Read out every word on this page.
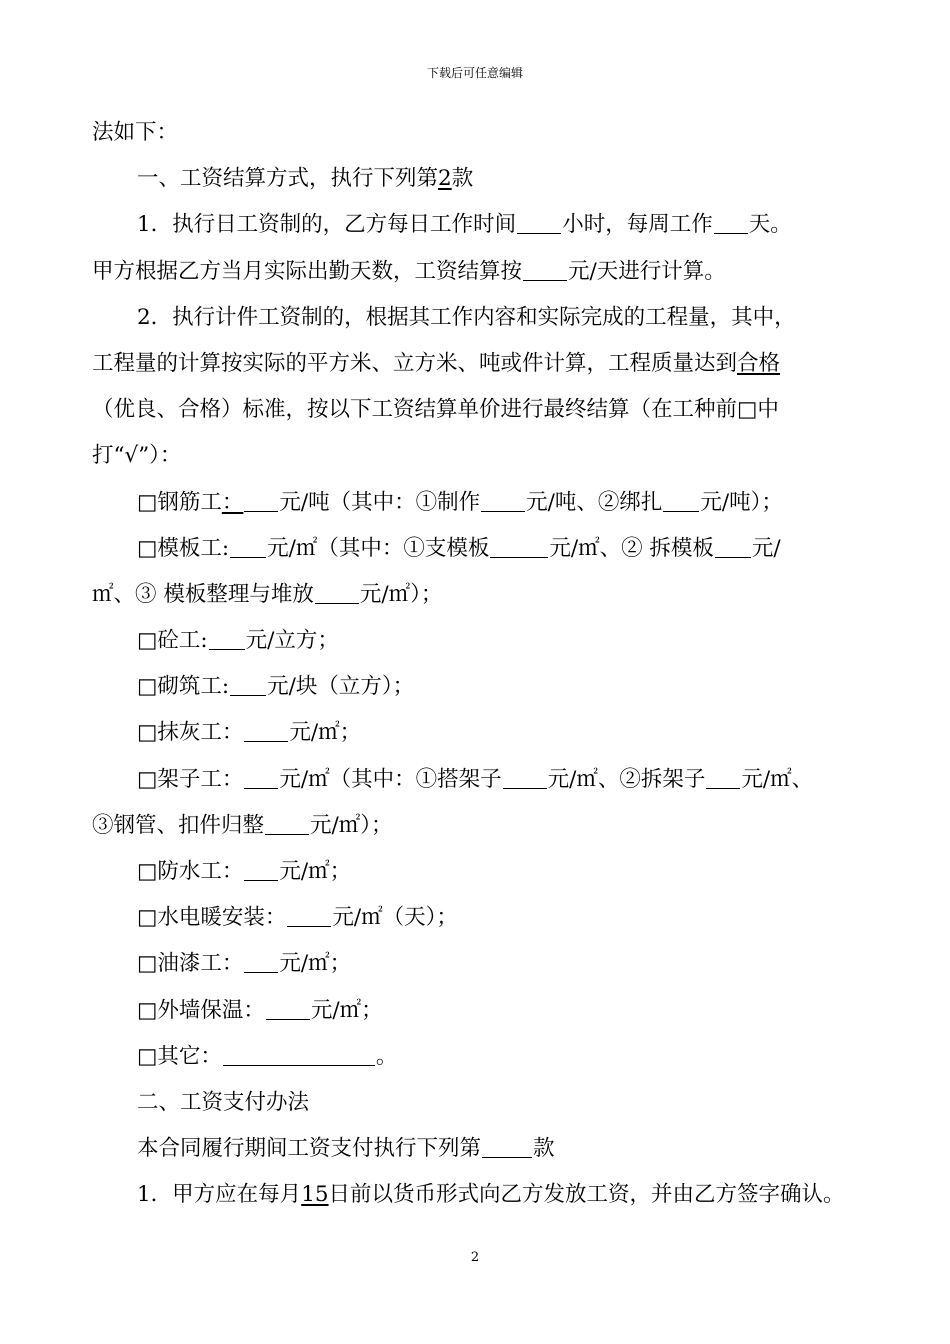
下载后可任意编辑
法如下：
一、工资结算方式，执行下列第2款
1．执行日工资制的，乙方每日工作时间 小时，每周工作 天。
甲方根据乙方当月实际出勤天数，工资结算按 元/天进行计算。
2．执行计件工资制的，根据其工作内容和实际完成的工程量，其中，
工程量的计算按实际的平方米、立方米、吨或件计算，工程质量达到合格
（优良、合格）标准，按以下工资结算单价进行最终结算（在工种前□中
打“√”）：
□钢筋工： 元/吨（其中：①制作 元/吨、②绑扎 元/吨）；
□模板工: 元/㎡（其中：①支模板	元/㎡、② 拆模板 元/
㎡、③ 模板整理与堆放 元/㎡）；
□砼工: 元/立方；
□砌筑工: 元/块（立方）；
□抹灰工： 元/㎡；
□架子工： 元/㎡（其中：①搭架子 元/㎡、②拆架子 元/㎡、
③钢管、扣件归整 元/㎡）；
□防水工： 元/㎡；
□水电暖安装： 元/㎡（天）；
□油漆工： 元/㎡；
□外墙保温： 元/㎡；
□其它：	。
二、工资支付办法
本合同履行期间工资支付执行下列第 款
1．甲方应在每月15日前以货币形式向乙方发放工资，并由乙方签字确认。
2
